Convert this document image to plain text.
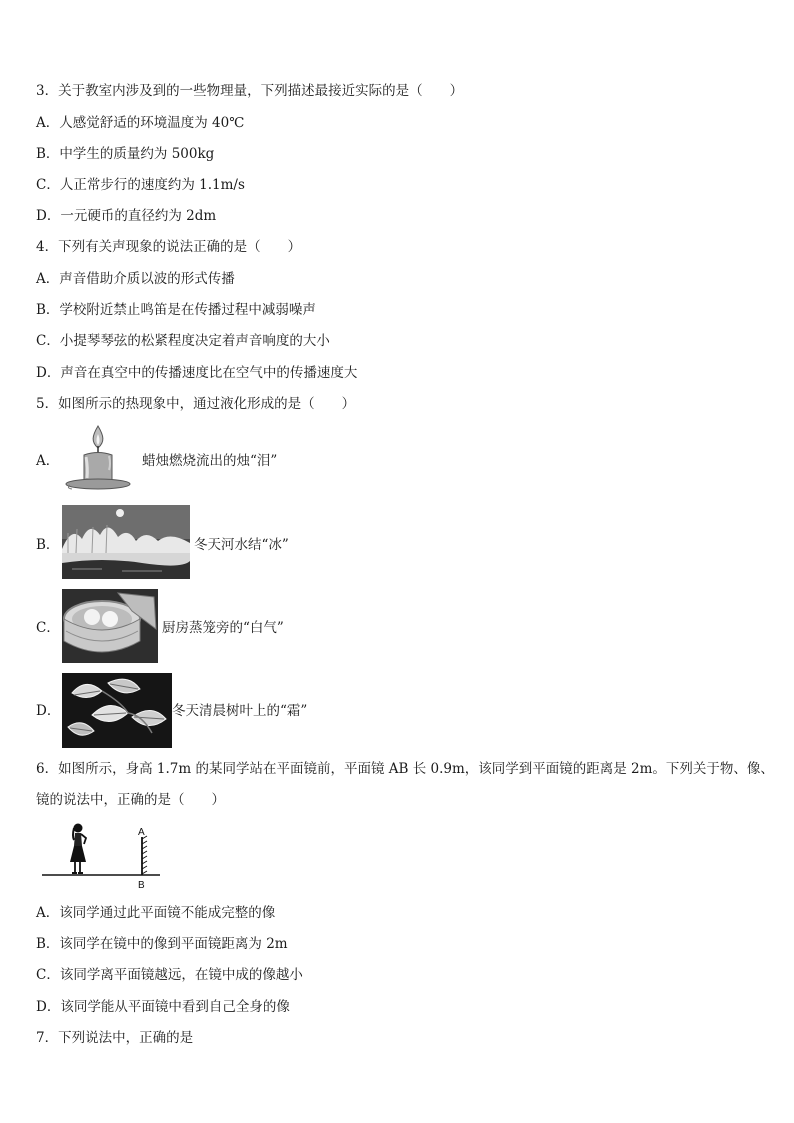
3．关于教室内涉及到的一些物理量，下列描述最接近实际的是（　　）
A．人感觉舒适的环境温度为 40℃
B．中学生的质量约为 500kg
C．人正常步行的速度约为 1.1m/s
D．一元硬币的直径约为 2dm
4．下列有关声现象的说法正确的是（　　）
A．声音借助介质以波的形式传播
B．学校附近禁止鸣笛是在传播过程中减弱噪声
C．小提琴琴弦的松紧程度决定着声音响度的大小
D．声音在真空中的传播速度比在空气中的传播速度大
5．如图所示的热现象中，通过液化形成的是（　　）
A．	蜡烛燃烧流出的烛“泪”
B．	冬天河水结“冰”
C．	厨房蒸笼旁的“白气”
D．	冬天清晨树叶上的“霜”
6．如图所示，身高 1.7m 的某同学站在平面镜前，平面镜 AB 长 0.9m，该同学到平面镜的距离是 2m。下列关于物、像、
镜的说法中，正确的是（　　）
A
B
A．该同学通过此平面镜不能成完整的像
B．该同学在镜中的像到平面镜距离为 2m
C．该同学离平面镜越远，在镜中成的像越小
D．该同学能从平面镜中看到自己全身的像
7．下列说法中，正确的是
